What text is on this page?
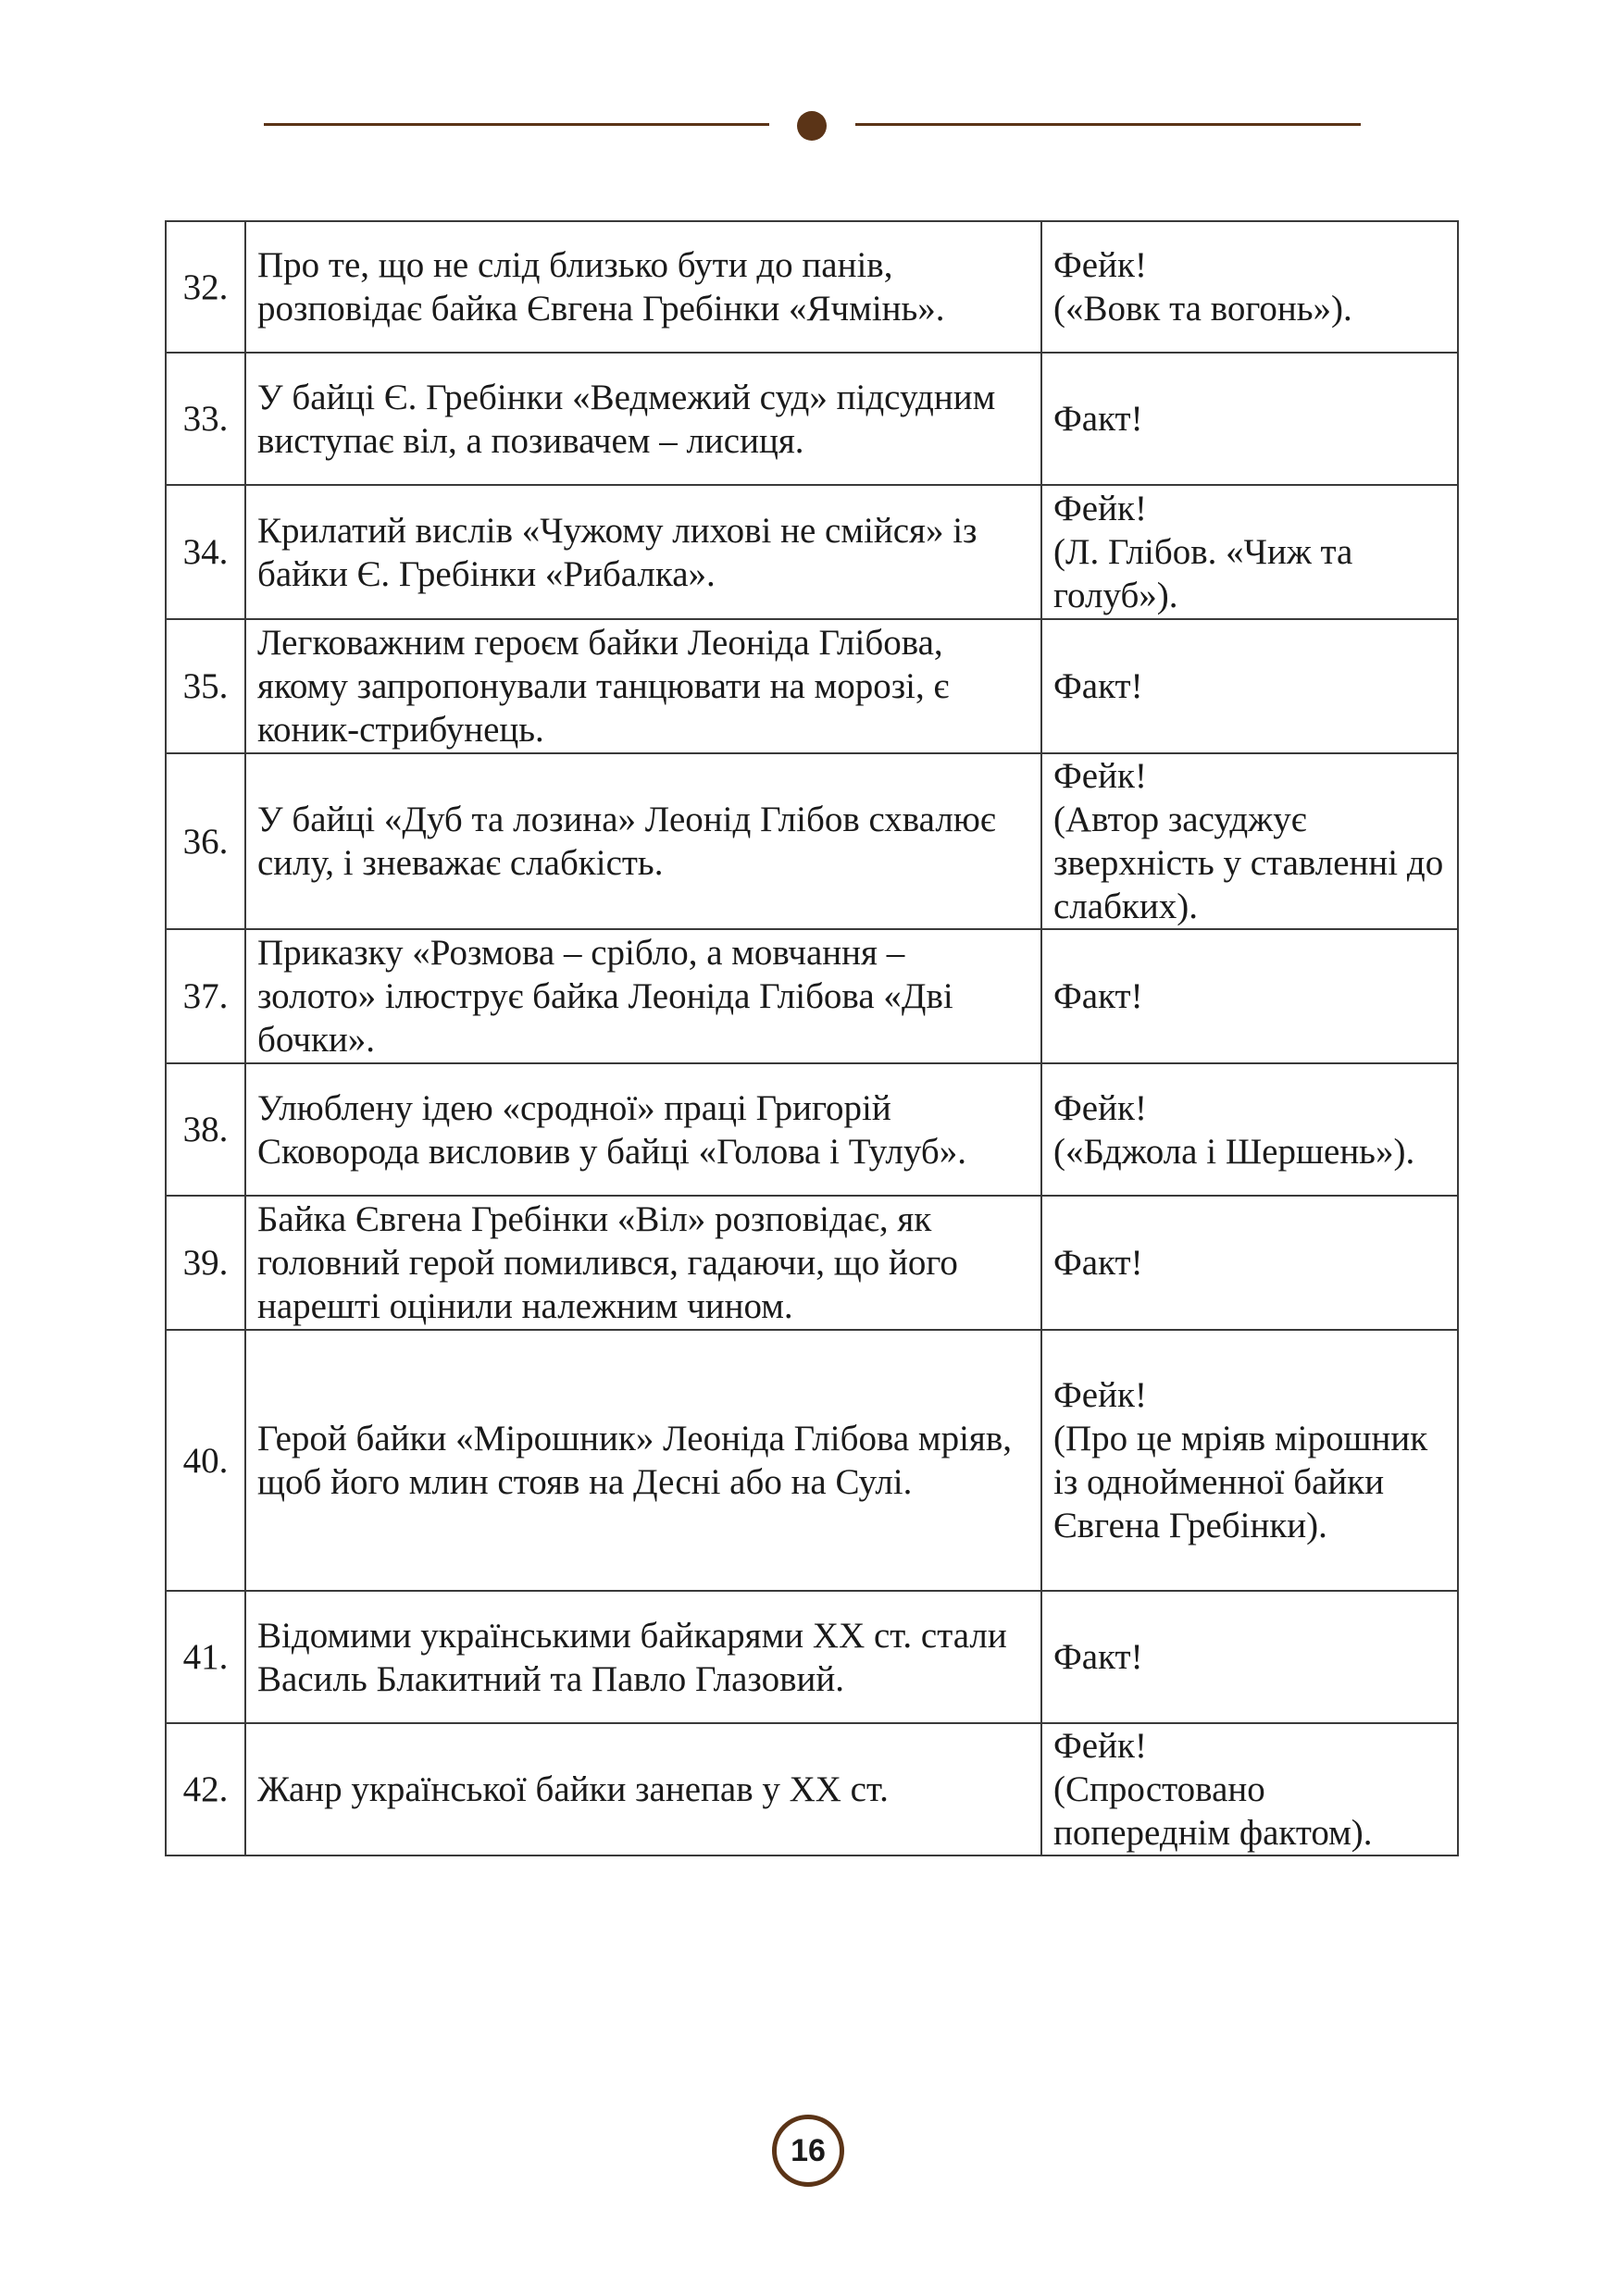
32.	Про те, що не слід близько бути до панів, розповідає байка Євгена Гребінки «Ячмінь».	Фейк!
(«Вовк та вогонь»).
33.	У байці Є. Гребінки «Ведмежий суд» підсудним виступає віл, а позивачем – лисиця.	Факт!
34.	Крилатий вислів «Чужому лихові не смійся» із байки Є. Гребінки «Рибалка».	Фейк!
(Л. Глібов. «Чиж та голуб»).
35.	Легковажним героєм байки Леоніда Глібова, якому запропонували танцювати на морозі, є коник-стрибунець.	Факт!
36.	У байці «Дуб та лозина» Леонід Глібов схвалює силу, і зневажає слабкість.	Фейк!
(Автор засуджує зверхність у ставленні до слабких).
37.	Приказку «Розмова – срібло, а мовчання – золото» ілюструє байка Леоніда Глібова «Дві бочки».	Факт!
38.	Улюблену ідею «сродної» праці Григорій Сковорода висловив у байці «Голова і Тулуб».	Фейк!
(«Бджола і Шершень»).
39.	Байка Євгена Гребінки «Віл» розповідає, як головний герой помилився, гадаючи, що його нарешті оцінили належним чином.	Факт!
40.	Герой байки «Мірошник» Леоніда Глібова мріяв, щоб його млин стояв на Десні або на Сулі.	Фейк!
(Про це мріяв мірошник із однойменної байки Євгена Гребінки).
41.	Відомими українськими байкарями ХХ ст. стали Василь Блакитний та Павло Глазовий.	Факт!
42.	Жанр української байки занепав у ХХ ст.	Фейк!
(Спростовано попереднім фактом).
16
